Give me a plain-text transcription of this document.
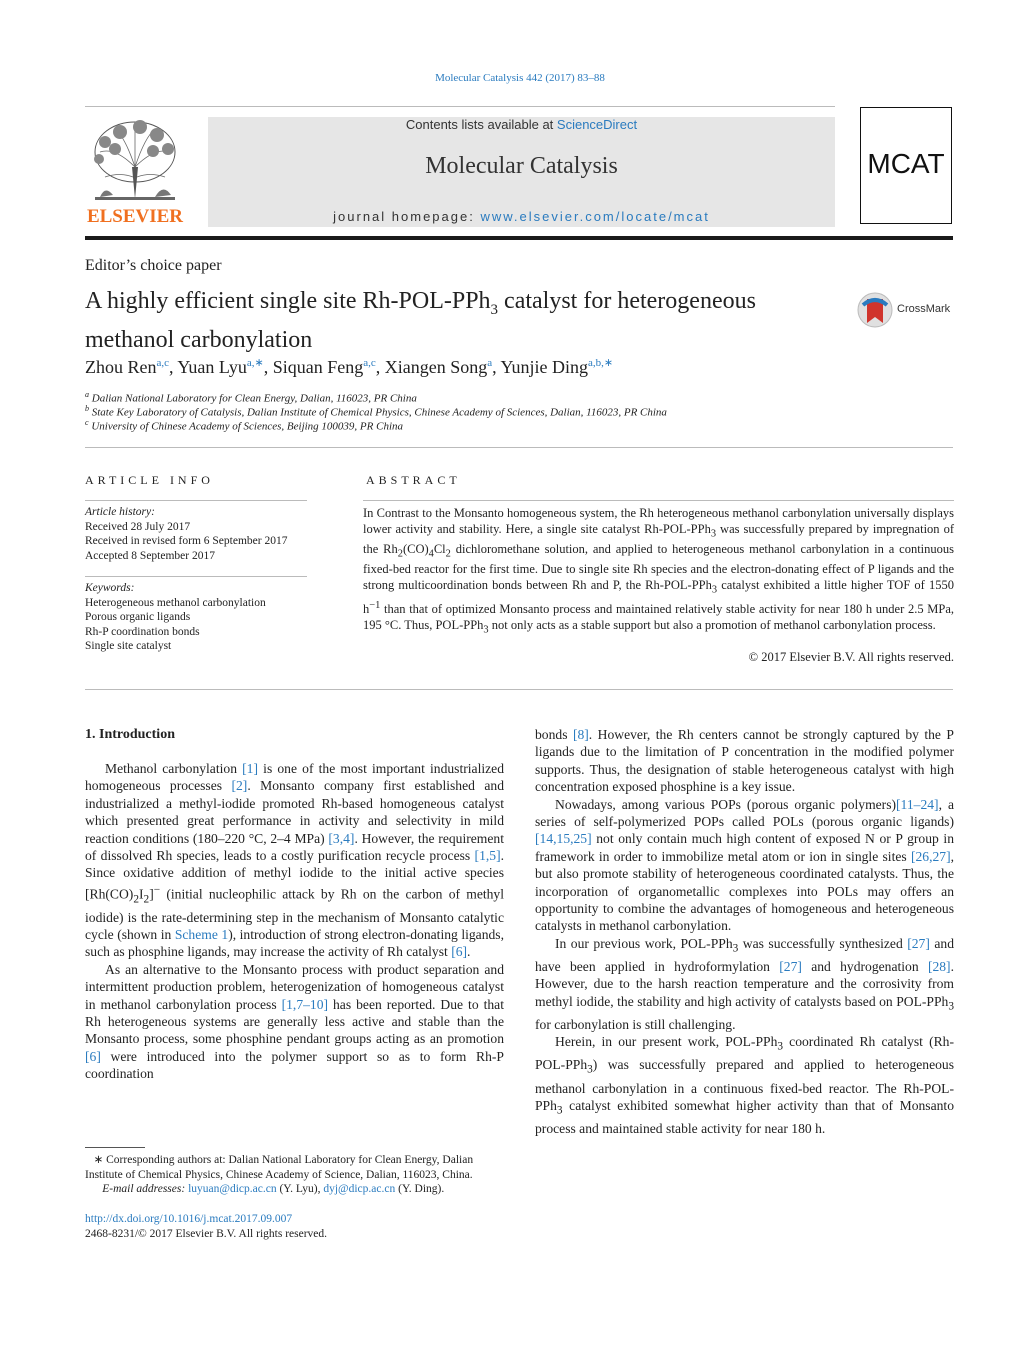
Molecular Catalysis 442 (2017) 83–88
ELSEVIER
Contents lists available at ScienceDirect
Molecular Catalysis
journal homepage: www.elsevier.com/locate/mcat
MCAT
Editor’s choice paper
A highly efficient single site Rh-POL-PPh$_3$ catalyst for heterogeneous
methanol carbonylation
CrossMark
Zhou Ren$^{a,c}$, Yuan Lyu$^{a,∗}$, Siquan Feng$^{a,c}$, Xiangen Song$^a$, Yunjie Ding$^{a,b,∗}$
$^a$ Dalian National Laboratory for Clean Energy, Dalian, 116023, PR China
$^b$ State Key Laboratory of Catalysis, Dalian Institute of Chemical Physics, Chinese Academy of Sciences, Dalian, 116023, PR China
$^c$ University of Chinese Academy of Sciences, Beijing 100039, PR China
ARTICLE INFO
Article history:
Received 28 July 2017
Received in revised form 6 September 2017
Accepted 8 September 2017
Keywords:
Heterogeneous methanol carbonylation
Porous organic ligands
Rh-P coordination bonds
Single site catalyst
ABSTRACT
In Contrast to the Monsanto homogeneous system, the Rh heterogeneous methanol carbonylation universally displays lower activity and stability. Here, a single site catalyst Rh-POL-PPh$_3$ was successfully prepared by impregnation of the $Rh_2(CO)_4Cl_2$ dichloromethane solution, and applied to heterogeneous methanol carbonylation in a continuous fixed-bed reactor for the first time. Due to single site Rh species and the electron-donating effect of P ligands and the strong multicoordination bonds between Rh and P, the Rh-POL-PPh$_3$ catalyst exhibited a little higher TOF of 1550 $h^{-1}$ than that of optimized Monsanto process and maintained relatively stable activity for near 180 h under 2.5 MPa, 195 °C. Thus, POL-PPh$_3$ not only acts as a stable support but also a promotion of methanol carbonylation process.
© 2017 Elsevier B.V. All rights reserved.
1. Introduction

Methanol carbonylation [1] is one of the most important industrialized homogeneous processes [2]. Monsanto company first established and industrialized a methyl-iodide promoted Rh-based homogeneous catalyst which presented great performance in activity and selectivity in mild reaction conditions (180–220 °C, 2–4 MPa) [3,4]. However, the requirement of dissolved Rh species, leads to a costly purification recycle process [1,5]. Since oxidative addition of methyl iodide to the initial active species $[Rh(CO)_2I_2]^-$ (initial nucleophilic attack by Rh on the carbon of methyl iodide) is the rate-determining step in the mechanism of Monsanto catalytic cycle (shown in Scheme 1), introduction of strong electron-donating ligands, such as phosphine ligands, may increase the activity of Rh catalyst [6].

As an alternative to the Monsanto process with product separation and intermittent production problem, heterogenization of homogeneous catalyst in methanol carbonylation process [1,7–10] has been reported. Due to that Rh heterogeneous systems are generally less active and stable than the Monsanto process, some phosphine pendant groups acting as an promotion [6] were introduced into the polymer support so as to form Rh-P coordination

bonds [8]. However, the Rh centers cannot be strongly captured by the P ligands due to the limitation of P concentration in the modified polymer supports. Thus, the designation of stable heterogeneous catalyst with high concentration exposed phosphine is a key issue.

Nowadays, among various POPs (porous organic polymers)[11–24], a series of self-polymerized POPs called POLs (porous organic ligands) [14,15,25] not only contain much high content of exposed N or P group in framework in order to immobilize metal atom or ion in single sites [26,27], but also promote stability of heterogeneous coordinated catalysts. Thus, the incorporation of organometallic complexes into POLs may offers an opportunity to combine the advantages of homogeneous and heterogeneous catalysts in methanol carbonylation.

In our previous work, POL-PPh$_3$ was successfully synthesized [27] and have been applied in hydroformylation [27] and hydrogenation [28]. However, due to the harsh reaction temperature and the corrosivity from methyl iodide, the stability and high activity of catalysts based on POL-PPh$_3$ for carbonylation is still challenging.

Herein, in our present work, POL-PPh$_3$ coordinated Rh catalyst (Rh-POL-PPh$_3$) was successfully prepared and applied to heterogeneous methanol carbonylation in a continuous fixed-bed reactor. The Rh-POL-PPh$_3$ catalyst exhibited somewhat higher activity than that of Monsanto process and maintained stable activity for near 180 h.

∗ Corresponding authors at: Dalian National Laboratory for Clean Energy, Dalian Institute of Chemical Physics, Chinese Academy of Science, Dalian, 116023, China.
E-mail addresses: luyuan@dicp.ac.cn (Y. Lyu), dyj@dicp.ac.cn (Y. Ding).
http://dx.doi.org/10.1016/j.mcat.2017.09.007
2468-8231/© 2017 Elsevier B.V. All rights reserved.
